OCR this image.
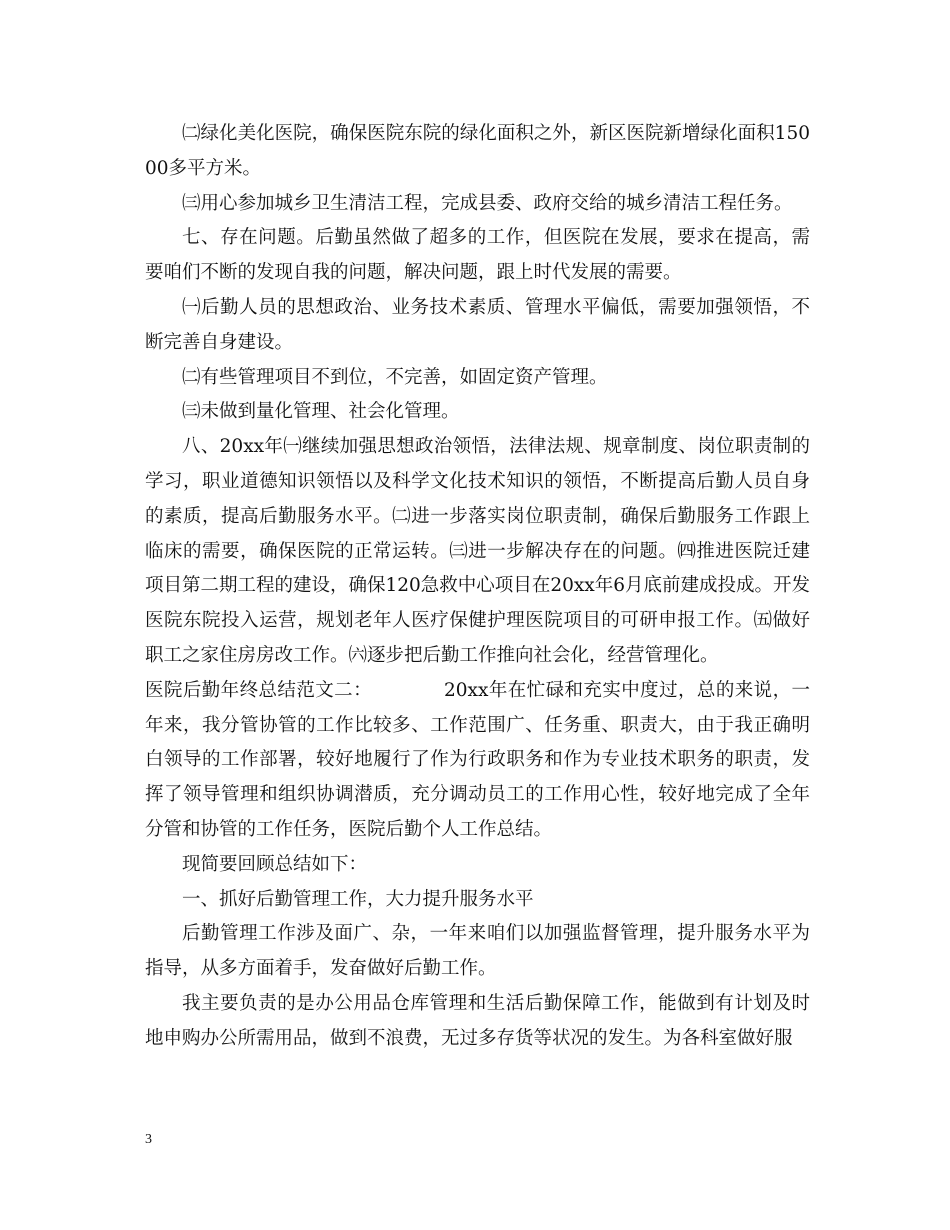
㈡绿化美化医院，确保医院东院的绿化面积之外，新区医院新增绿化面积15000多平方米。

㈢用心参加城乡卫生清洁工程，完成县委、政府交给的城乡清洁工程任务。

七、存在问题。后勤虽然做了超多的工作，但医院在发展，要求在提高，需要咱们不断的发现自我的问题，解决问题，跟上时代发展的需要。

㈠后勤人员的思想政治、业务技术素质、管理水平偏低，需要加强领悟，不断完善自身建设。

㈡有些管理项目不到位，不完善，如固定资产管理。

㈢未做到量化管理、社会化管理。

八、20xx年㈠继续加强思想政治领悟，法律法规、规章制度、岗位职责制的学习，职业道德知识领悟以及科学文化技术知识的领悟，不断提高后勤人员自身的素质，提高后勤服务水平。㈡进一步落实岗位职责制，确保后勤服务工作跟上临床的需要，确保医院的正常运转。㈢进一步解决存在的问题。㈣推进医院迁建项目第二期工程的建设，确保120急救中心项目在20xx年6月底前建成投成。开发医院东院投入运营，规划老年人医疗保健护理医院项目的可研申报工作。㈤做好职工之家住房房改工作。㈥逐步把后勤工作推向社会化，经营管理化。

医院后勤年终总结范文二：	20xx年在忙碌和充实中度过，总的来说，一年来，我分管协管的工作比较多、工作范围广、任务重、职责大，由于我正确明白领导的工作部署，较好地履行了作为行政职务和作为专业技术职务的职责，发挥了领导管理和组织协调潜质，充分调动员工的工作用心性，较好地完成了全年分管和协管的工作任务，医院后勤个人工作总结。

现简要回顾总结如下：

一、抓好后勤管理工作，大力提升服务水平

后勤管理工作涉及面广、杂，一年来咱们以加强监督管理，提升服务水平为指导，从多方面着手，发奋做好后勤工作。

我主要负责的是办公用品仓库管理和生活后勤保障工作，能做到有计划及时地申购办公所需用品，做到不浪费，无过多存货等状况的发生。为各科室做好服

3
